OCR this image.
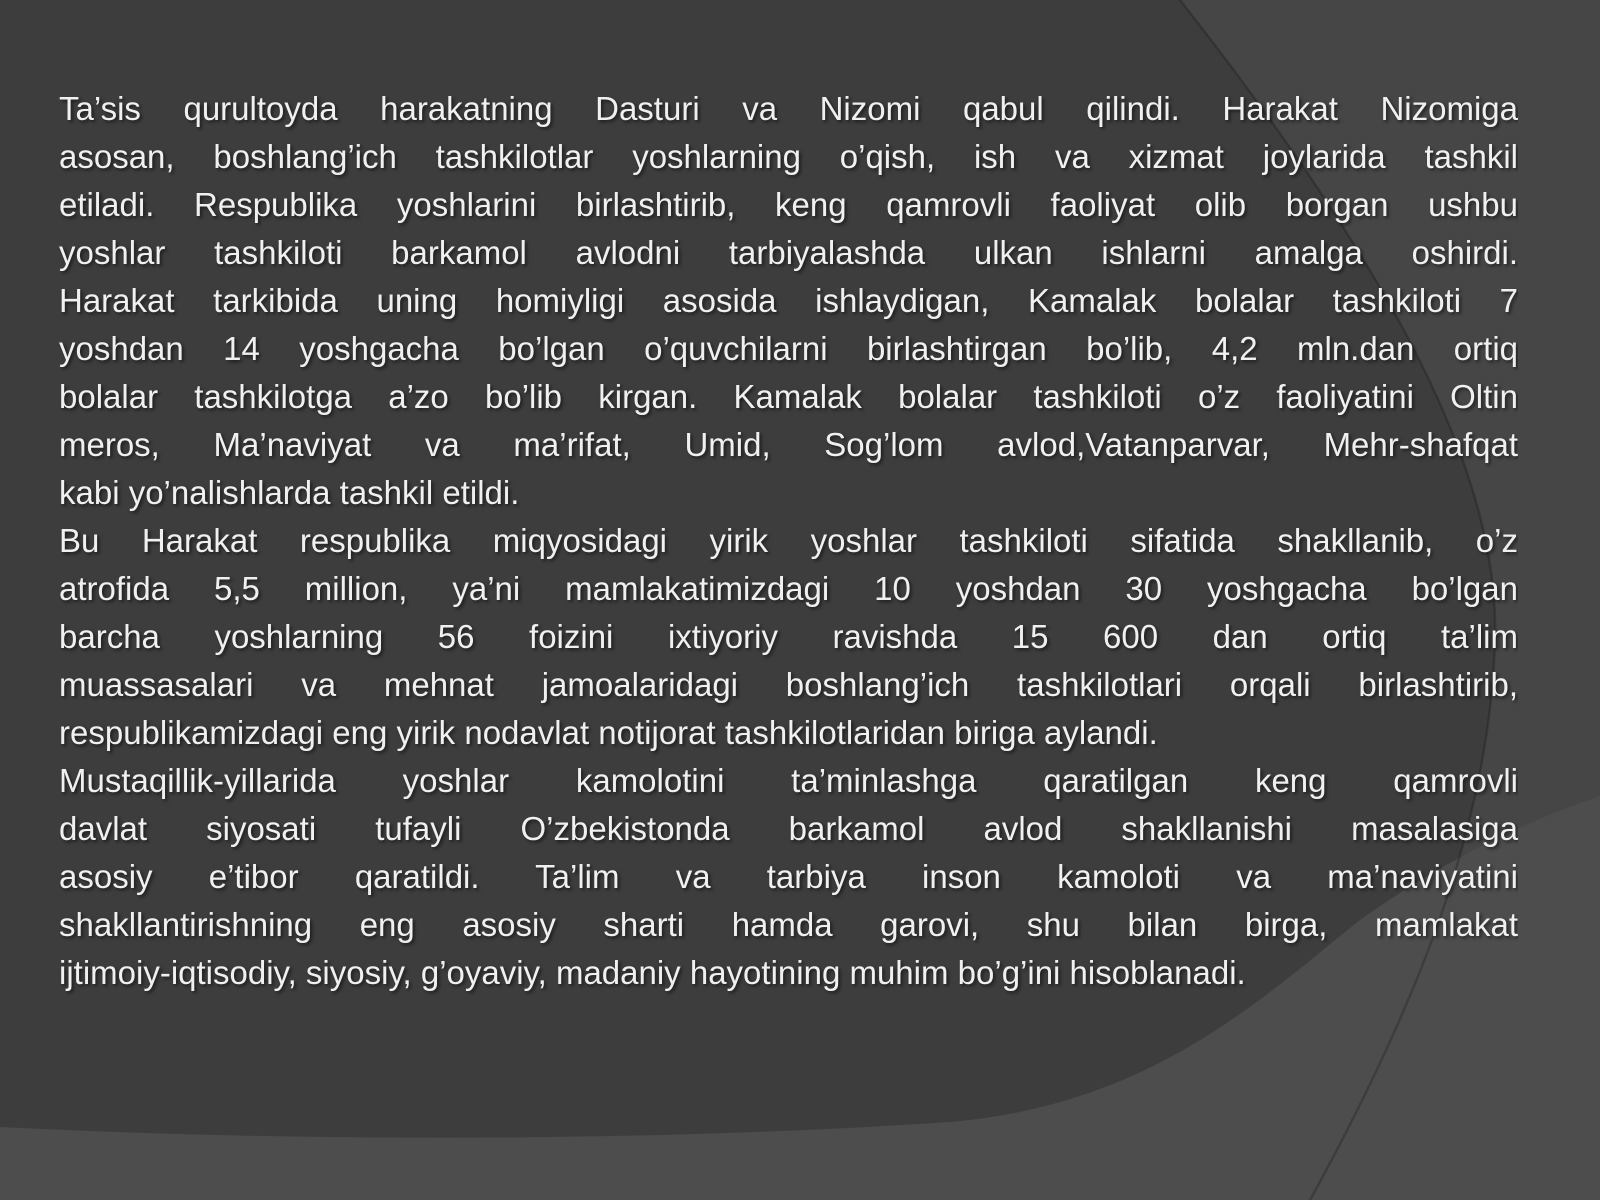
Ta’sis qurultoyda harakatning Dasturi va Nizomi qabul qilindi. Harakat Nizomiga
asosan, boshlang’ich tashkilotlar yoshlarning o’qish, ish va xizmat joylarida tashkil
etiladi. Respublika yoshlarini birlashtirib, keng qamrovli faoliyat olib borgan ushbu
yoshlar tashkiloti barkamol avlodni tarbiyalashda ulkan ishlarni amalga oshirdi.
Harakat tarkibida uning homiyligi asosida ishlaydigan, Kamalak bolalar tashkiloti 7
yoshdan 14 yoshgacha bo’lgan o’quvchilarni birlashtirgan bo’lib, 4,2 mln.dan ortiq
bolalar tashkilotga a’zo bo’lib kirgan. Kamalak bolalar tashkiloti o’z faoliyatini Oltin
meros, Ma’naviyat va ma’rifat, Umid, Sog’lom avlod,Vatanparvar, Mehr-shafqat
kabi yo’nalishlarda tashkil etildi.
Bu Harakat respublika miqyosidagi yirik yoshlar tashkiloti sifatida shakllanib, o’z
atrofida 5,5 million, ya’ni mamlakatimizdagi 10 yoshdan 30 yoshgacha bo’lgan
barcha yoshlarning 56 foizini ixtiyoriy ravishda 15 600 dan ortiq ta’lim
muassasalari va mehnat jamoalaridagi boshlang’ich tashkilotlari orqali birlashtirib,
respublikamizdagi eng yirik nodavlat notijorat tashkilotlaridan biriga aylandi.
Mustaqillik-yillarida yoshlar kamolotini ta’minlashga qaratilgan keng qamrovli
davlat siyosati tufayli O’zbekistonda barkamol avlod shakllanishi masalasiga
asosiy e’tibor qaratildi. Ta’lim va tarbiya inson kamoloti va ma’naviyatini
shakllantirishning eng asosiy sharti hamda garovi, shu bilan birga, mamlakat
ijtimoiy-iqtisodiy, siyosiy, g’oyaviy, madaniy hayotining muhim bo’g’ini hisoblanadi.
